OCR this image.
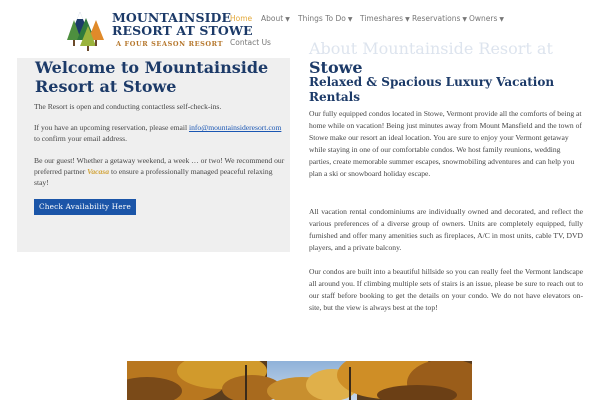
MOUNTAINSIDE
RESORT AT STOWE
A FOUR SEASON RESORT
Home About ▼ Things To Do ▼ Timeshares ▼ Reservations ▼ Owners ▼
Contact Us
Welcome to Mountainside Resort at Stowe

The Resort is open and conducting contactless self-check-ins.

If you have an upcoming reservation, please email info@mountainsideresort.com to confirm your email address.

Be our guest! Whether a getaway weekend, a week … or two! We recommend our preferred partner Vacasa to ensure a professionally managed peaceful relaxing stay!

Check Availability Here
About Mountainside Resort at
Stowe
Relaxed & Spacious Luxury Vacation Rentals

Our fully equipped condos located in Stowe, Vermont provide all the comforts of being at home while on vacation! Being just minutes away from Mount Mansfield and the town of Stowe make our resort an ideal location. You are sure to enjoy your Vermont getaway while staying in one of our comfortable condos. We host family reunions, wedding parties, create memorable summer escapes, snowmobiling adventures and can help you plan a ski or snowboard holiday escape.

All vacation rental condominiums are individually owned and decorated, and reflect the various preferences of a diverse group of owners. Units are completely equipped, fully furnished and offer many amenities such as fireplaces, A/C in most units, cable TV, DVD players, and a private balcony.

Our condos are built into a beautiful hillside so you can really feel the Vermont landscape all around you. If climbing multiple sets of stairs is an issue, please be sure to reach out to our staff before booking to get the details on your condo. We do not have elevators on-site, but the view is always best at the top!
